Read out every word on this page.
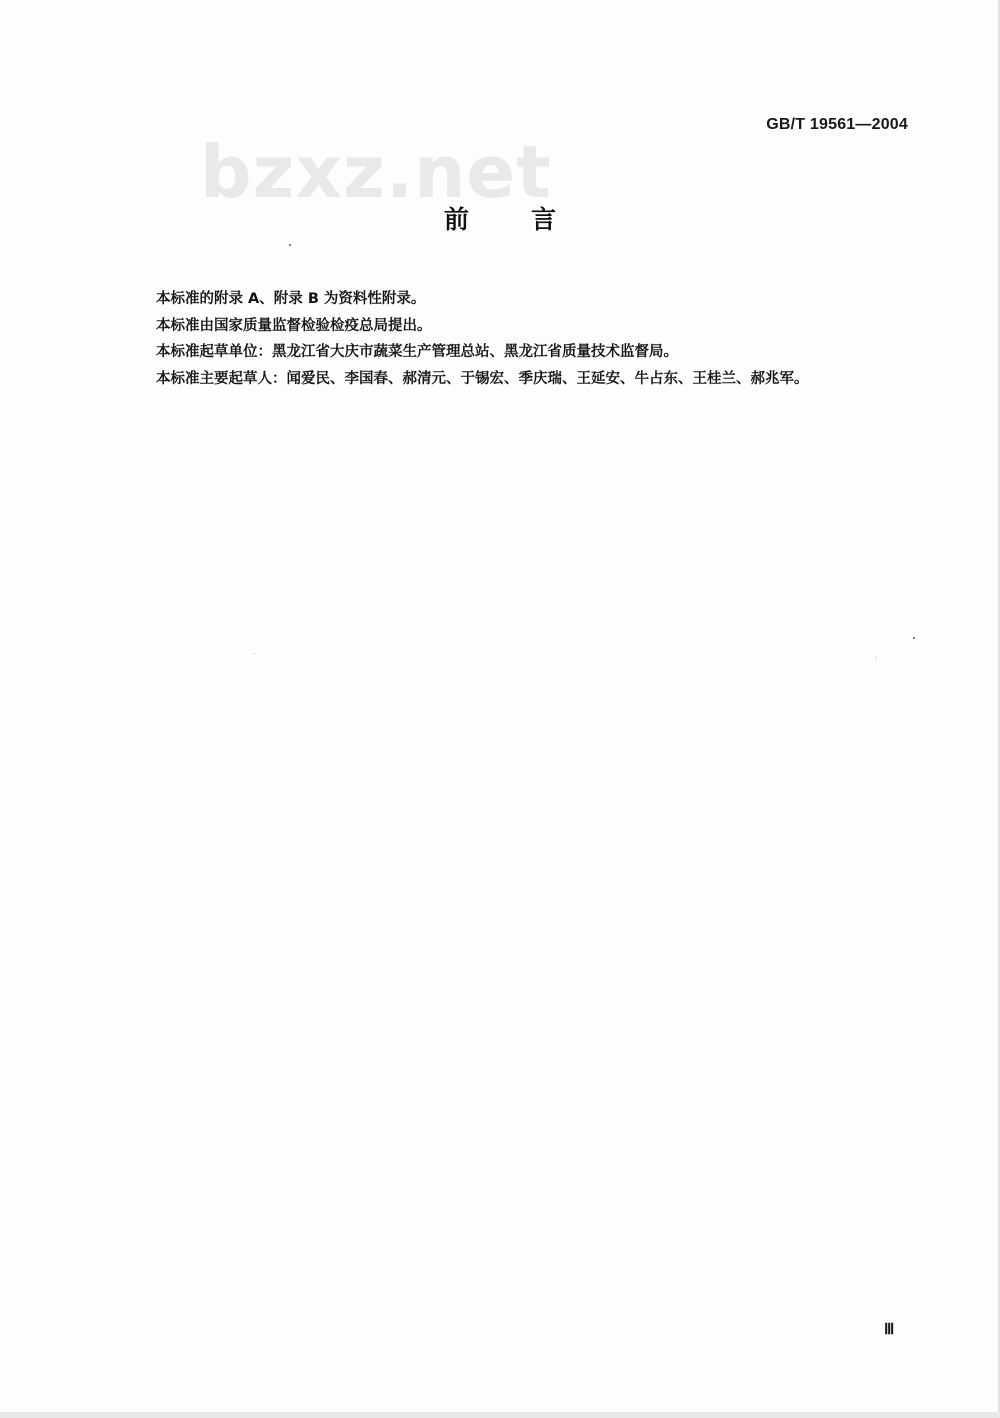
GB/T 19561—2004
bzxz.net
前言
本标准的附录 A、附录 B 为资料性附录。
本标准由国家质量监督检验检疫总局提出。
本标准起草单位：黑龙江省大庆市蔬菜生产管理总站、黑龙江省质量技术监督局。
本标准主要起草人：闻爱民、李国春、郝清元、于锡宏、季庆瑞、王延安、牛占东、王桂兰、郝兆军。
Ⅲ
